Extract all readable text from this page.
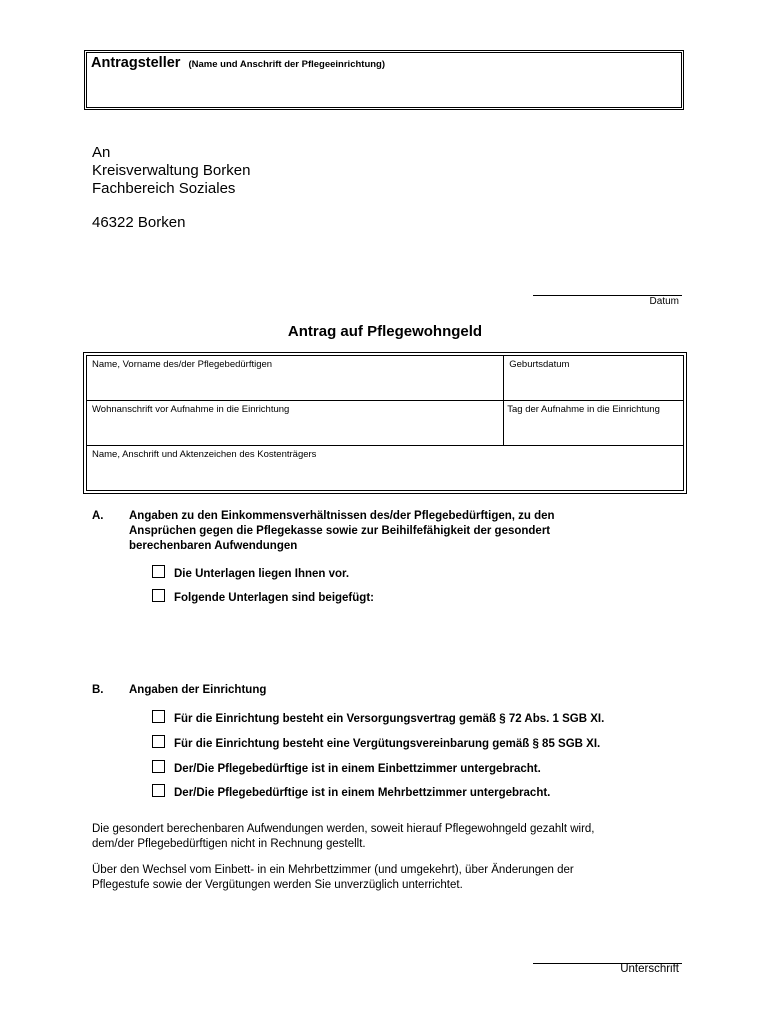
Antragsteller (Name und Anschrift der Pflegeeinrichtung)
An
Kreisverwaltung Borken
Fachbereich Soziales
46322 Borken
Datum
Antrag auf Pflegewohngeld
Name, Vorname des/der Pflegebedürftigen	Geburtsdatum
Wohnanschrift vor Aufnahme in die Einrichtung	Tag der Aufnahme in die Einrichtung
Name, Anschrift und Aktenzeichen des Kostenträgers	
A. Angaben zu den Einkommensverhältnissen des/der Pflegebedürftigen, zu den
Ansprüchen gegen die Pflegekasse sowie zur Beihilfefähigkeit der gesondert
berechenbaren Aufwendungen
Die Unterlagen liegen Ihnen vor.
Folgende Unterlagen sind beigefügt:
B. Angaben der Einrichtung
Für die Einrichtung besteht ein Versorgungsvertrag gemäß § 72 Abs. 1 SGB XI.
Für die Einrichtung besteht eine Vergütungsvereinbarung gemäß § 85 SGB XI.
Der/Die Pflegebedürftige ist in einem Einbettzimmer untergebracht.
Der/Die Pflegebedürftige ist in einem Mehrbettzimmer untergebracht.
Die gesondert berechenbaren Aufwendungen werden, soweit hierauf Pflegewohngeld gezahlt wird,
dem/der Pflegebedürftigen nicht in Rechnung gestellt.
Über den Wechsel vom Einbett- in ein Mehrbettzimmer (und umgekehrt), über Änderungen der
Pflegestufe sowie der Vergütungen werden Sie unverzüglich unterrichtet.
Unterschrift
